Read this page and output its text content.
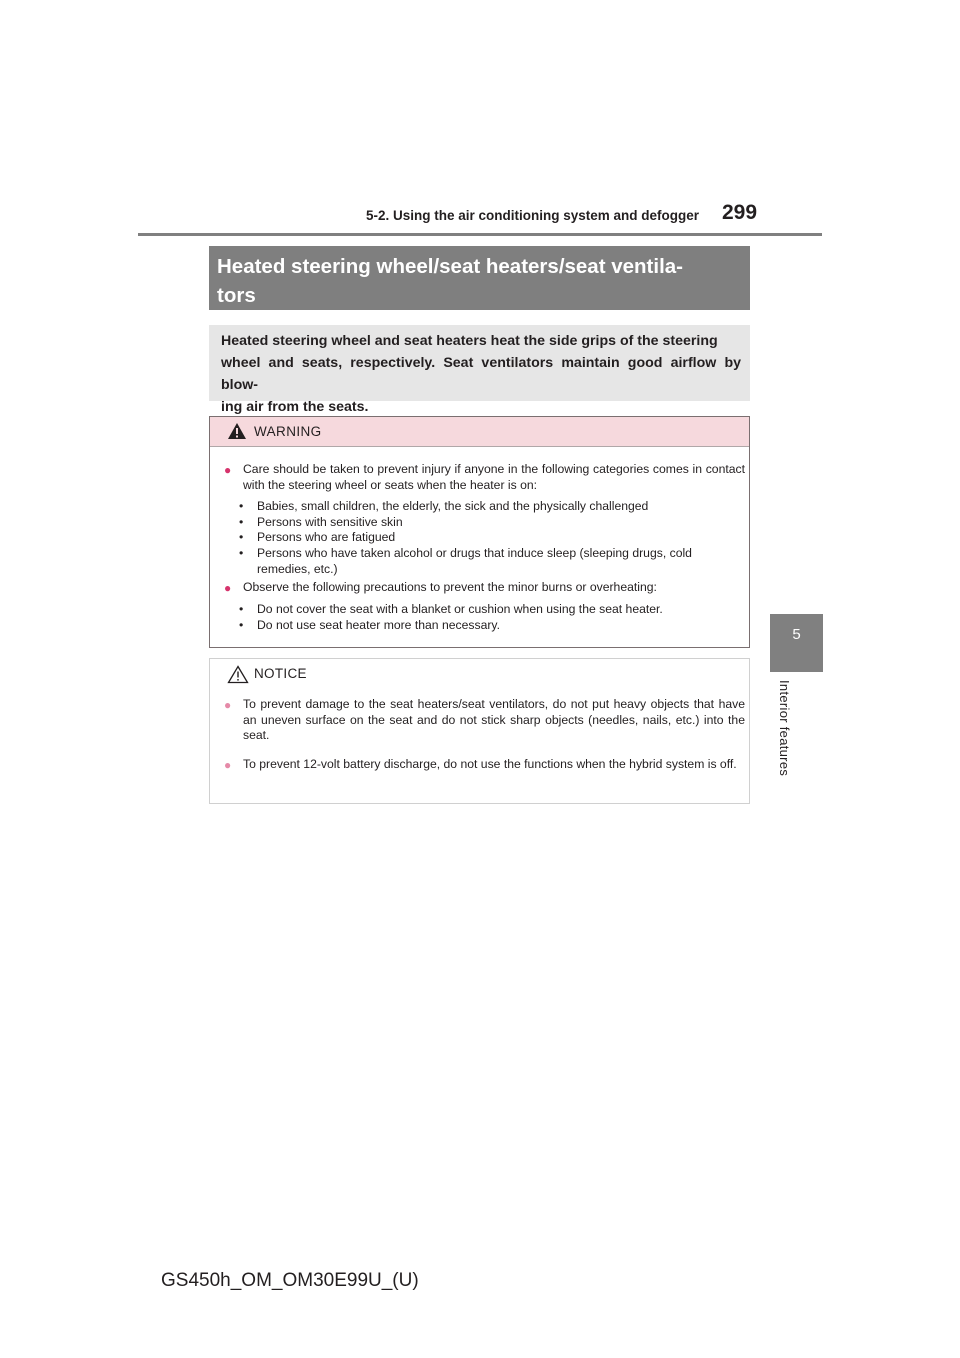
5-2. Using the air conditioning system and defogger 299
5
Interior features
Heated steering wheel/seat heaters/seat ventila-
tors
Heated steering wheel and seat heaters heat the side grips of the steering
wheel and seats, respectively. Seat ventilators maintain good airflow by blow-
ing air from the seats.
WARNING
● Care should be taken to prevent injury if anyone in the following categories comes in contact with the steering wheel or seats when the heater is on:
• Babies, small children, the elderly, the sick and the physically challenged
• Persons with sensitive skin
• Persons who are fatigued
• Persons who have taken alcohol or drugs that induce sleep (sleeping drugs, cold remedies, etc.)
● Observe the following precautions to prevent the minor burns or overheating:
• Do not cover the seat with a blanket or cushion when using the seat heater.
• Do not use seat heater more than necessary.
NOTICE
● To prevent damage to the seat heaters/seat ventilators, do not put heavy objects that have an uneven surface on the seat and do not stick sharp objects (needles, nails, etc.) into the seat.
● To prevent 12-volt battery discharge, do not use the functions when the hybrid system is off.
GS450h_OM_OM30E99U_(U)
